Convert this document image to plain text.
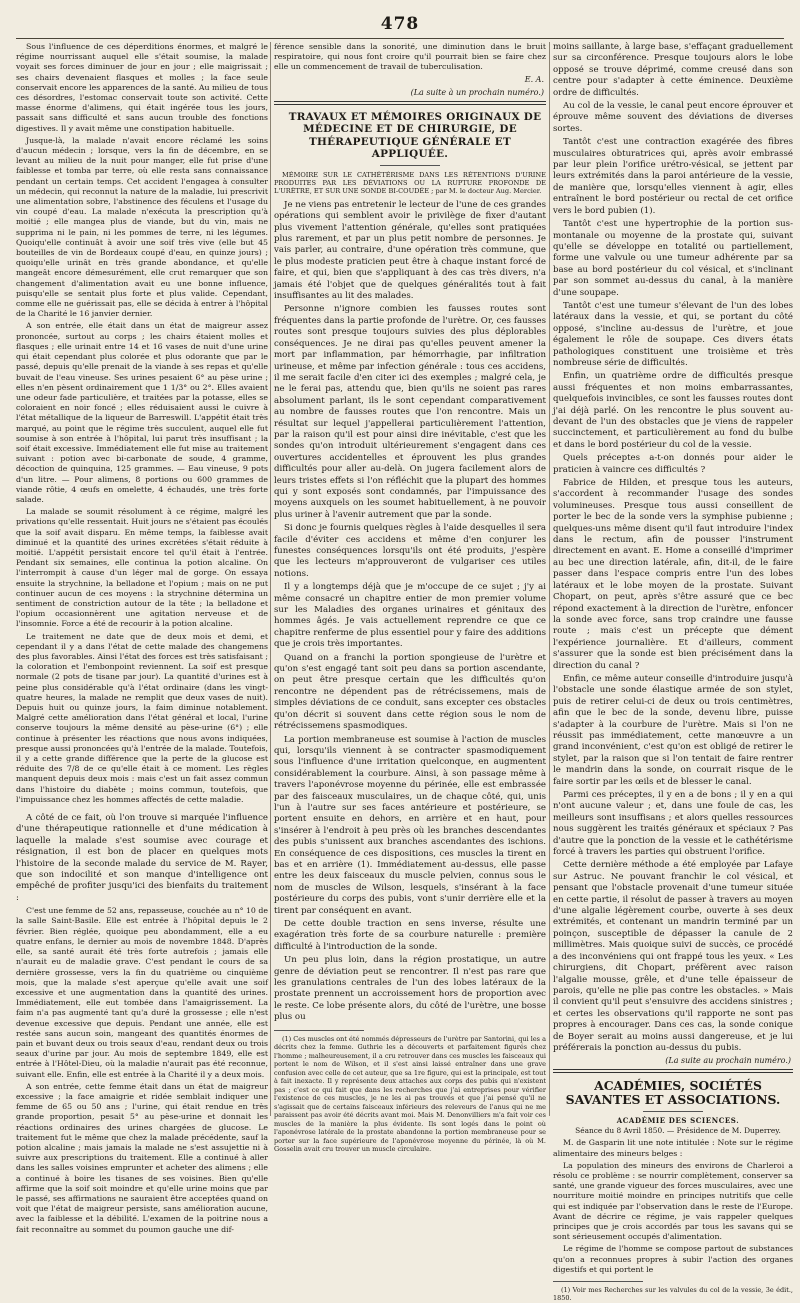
478

Sous l'influence de ces déperditions énormes, et malgré le régime nourrissant auquel elle s'était soumise, la malade voyait ses forces diminuer de jour en jour ; elle maigrissait ; ses chairs devenaient flasques et molles ; la face seule conservait encore les apparences de la santé. Au milieu de tous ces désordres, l'estomac conservait toute son activité. Cette masse énorme d'alimens, qui était ingérée tous les jours, passait sans difficulté et sans aucun trouble des fonctions digestives. Il y avait même une constipation habituelle.

Jusque-là, la malade n'avait encore réclamé les soins d'aucun médecin ; lorsque, vers la fin de décembre, en se levant au milieu de la nuit pour manger, elle fut prise d'une faiblesse et tomba par terre, où elle resta sans connaissance pendant un certain temps. Cet accident l'engagea à consulter un médecin, qui reconnut la nature de la maladie, lui prescrivit une alimentation sobre, l'abstinence des féculens et l'usage du vin coupé d'eau. La malade n'exécuta la prescription qu'à moitié ; elle mangea plus de viande, but du vin, mais ne supprima ni le pain, ni les pommes de terre, ni les légumes. Quoiqu'elle continuât à avoir une soif très vive (elle but 45 bouteilles de vin de Bordeaux coupé d'eau, en quinze jours) ; quoiqu'elle urinât en très grande abondance, et qu'elle mangeât encore démesurément, elle crut remarquer que son changement d'alimentation avait eu une bonne influence, puisqu'elle se sentait plus forte et plus valide. Cependant, comme elle ne guérissait pas, elle se décida à entrer à l'hôpital de la Charité le 16 janvier dernier.

A son entrée, elle était dans un état de maigreur assez prononcée, surtout au corps ; les chairs étaient molles et flasques ; elle urinait entre 14 et 16 vases de nuit d'une urine qui était cependant plus colorée et plus odorante que par le passé, depuis qu'elle prenait de la viande à ses repas et qu'elle buvait de l'eau vineuse. Ses urines pesaient 6° au pèse urine ; elles n'en pèsent ordinairement que 1 1/3° ou 2°. Elles avaient une odeur fade particulière, et traitées par la potasse, elles se coloraient en noir foncé ; elles réduisaient aussi le cuivre à l'état métallique de la liqueur de Barreswill. L'appétit était très marqué, au point que le régime très succulent, auquel elle fut soumise à son entrée à l'hôpital, lui parut très insuffisant ; la soif était excessive. Immédiatement elle fut mise au traitement suivant : potion avec bi-carbonate de soude, 4 gramme, décoction de quinquina, 125 grammes. — Eau vineuse, 9 pots d'un litre. — Pour alimens, 8 portions ou 600 grammes de viande rôtie, 4 œufs en omelette, 4 échaudés, une très forte salade.

La malade se soumit résolument à ce régime, malgré les privations qu'elle ressentait. Huit jours ne s'étaient pas écoulés que la soif avait disparu. En même temps, la faiblesse avait diminué et la quantité des urines excrétées s'était réduite à moitié. L'appétit persistait encore tel qu'il était à l'entrée. Pendant six semaines, elle continua la potion alcaline. On l'interrompit à cause d'un léger mal de gorge. On essaya ensuite la strychnine, la belladone et l'opium ; mais on ne put continuer aucun de ces moyens : la strychnine détermina un sentiment de constriction autour de la tête ; la belladone et l'opium occasionnèrent une agitation nerveuse et de l'insomnie. Force a été de recourir à la potion alcaline.

Le traitement ne date que de deux mois et demi, et cependant il y a dans l'état de cette malade des changemens des plus favorables. Ainsi l'état des forces est très satisfaisant ; la coloration et l'embonpoint reviennent. La soif est presque normale (2 pots de tisane par jour). La quantité d'urines est à peine plus considérable qu'à l'état ordinaire (dans les vingt-quatre heures, la malade ne remplit que deux vases de nuit). Depuis huit ou quinze jours, la faim diminue notablement. Malgré cette amélioration dans l'état général et local, l'urine conserve toujours la même densité au pèse-urine (6°) ; elle continue à présenter les réactions que nous avons indiquées, presque aussi prononcées qu'à l'entrée de la malade. Toutefois, il y a cette grande différence que la perte de la glucose est réduite des 7/8 de ce qu'elle était à ce moment. Les règles manquent depuis deux mois : mais c'est un fait assez commun dans l'histoire du diabète ; moins commun, toutefois, que l'impuissance chez les hommes affectés de cette maladie.

A côté de ce fait, où l'on trouve si marquée l'influence d'une thérapeutique rationnelle et d'une médication à laquelle la malade s'est soumise avec courage et résignation, il est bon de placer en quelques mots l'histoire de la seconde malade du service de M. Rayer, que son indocilité et son manque d'intelligence ont empêché de profiter jusqu'ici des bienfaits du traitement :

C'est une femme de 52 ans, repasseuse, couchée au n° 10 de la salle Saint-Basile. Elle est entrée à l'hôpital depuis le 2 février. Bien réglée, quoique peu abondamment, elle a eu quatre enfans, le dernier au mois de novembre 1848. D'après elle, sa santé aurait été très forte autrefois ; jamais elle n'aurait eu de maladie grave. C'est pendant le cours de sa dernière grossesse, vers la fin du quatrième ou cinquième mois, que la malade s'est aperçue qu'elle avait une soif excessive et une augmentation dans la quantité des urines. Immédiatement, elle eut tombée dans l'amaigrissement. La faim n'a pas augmenté tant qu'a duré la grossesse ; elle n'est devenue excessive que depuis. Pendant une année, elle est restée sans aucun soin, mangeant des quantités énormes de pain et buvant deux ou trois seaux d'eau, rendant deux ou trois seaux d'urine par jour. Au mois de septembre 1849, elle est entrée à l'Hôtel-Dieu, où la maladie n'aurait pas été reconnue, suivant elle. Enfin, elle est entrée à la Charité il y a deux mois.

A son entrée, cette femme était dans un état de maigreur excessive ; la face amaigrie et ridée semblait indiquer une femme de 65 ou 50 ans ; l'urine, qui était rendue en très grande proportion, pesait 5° au pèse-urine et donnait les réactions ordinaires des urines chargées de glucose. Le traitement fut le même que chez la malade précédente, sauf la potion alcaline ; mais jamais la malade ne s'est assujettie ni à suivre aux prescriptions du traitement. Elle a continué à aller dans les salles voisines emprunter et acheter des alimens ; elle a continué à boire les tisanes de ses voisines. Bien qu'elle affirme que la soif soit moindre et qu'elle urine moins que par le passé, ses affirmations ne sauraient être acceptées quand on voit que l'état de maigreur persiste, sans amélioration aucune, avec la faiblesse et la débilité. L'examen de la poitrine nous a fait reconnaître au sommet du poumon gauche une dif-

férence sensible dans la sonorité, une diminution dans le bruit respiratoire, qui nous font croire qu'il pourrait bien se faire chez elle un commencement de travail de tuberculisation.

E. A.

(La suite à un prochain numéro.)

TRAVAUX ET MÉMOIRES ORIGINAUX DE MÉDECINE ET DE CHIRURGIE, DE THÉRAPEUTIQUE GÉNÉRALE ET APPLIQUÉE.

MÉMOIRE SUR LE CATHÉTÉRISME DANS LES RÉTENTIONS D'URINE PRODUITES PAR LES DÉVIATIONS OU LA RUPTURE PROFONDE DE L'URÈTRE, ET SUR UNE SONDE BI-COUDÉE ; par M. le docteur Aug. Mercier.

Je ne viens pas entretenir le lecteur de l'une de ces grandes opérations qui semblent avoir le privilège de fixer d'autant plus vivement l'attention générale, qu'elles sont pratiquées plus rarement, et par un plus petit nombre de personnes. Je vais parler, au contraire, d'une opération très commune, que le plus modeste praticien peut être à chaque instant forcé de faire, et qui, bien que s'appliquant à des cas très divers, n'a jamais été l'objet que de quelques généralités tout à fait insuffisantes au lit des malades.

Personne n'ignore combien les fausses routes sont fréquentes dans la partie profonde de l'urètre. Or, ces fausses routes sont presque toujours suivies des plus déplorables conséquences. Je ne dirai pas qu'elles peuvent amener la mort par inflammation, par hémorrhagie, par infiltration urineuse, et même par infection générale : tous ces accidens, il me serait facile d'en citer ici des exemples ; malgré cela, je ne le ferai pas, attendu que, bien qu'ils ne soient pas rares absolument parlant, ils le sont cependant comparativement au nombre de fausses routes que l'on rencontre. Mais un résultat sur lequel j'appellerai particulièrement l'attention, par la raison qu'il est pour ainsi dire inévitable, c'est que les sondes qu'on introduit ultérieurement s'engagent dans ces ouvertures accidentelles et éprouvent les plus grandes difficultés pour aller au-delà. On jugera facilement alors de leurs tristes effets si l'on réfléchit que la plupart des hommes qui y sont exposés sont condamnés, par l'impuissance des moyens auxquels on les soumet habituellement, à ne pouvoir plus uriner à l'avenir autrement que par la sonde.

Si donc je fournis quelques règles à l'aide desquelles il sera facile d'éviter ces accidens et même d'en conjurer les funestes conséquences lorsqu'ils ont été produits, j'espère que les lecteurs m'approuveront de vulgariser ces utiles notions.

Il y a longtemps déjà que je m'occupe de ce sujet ; j'y ai même consacré un chapitre entier de mon premier volume sur les Maladies des organes urinaires et génitaux des hommes âgés. Je vais actuellement reprendre ce que ce chapitre renferme de plus essentiel pour y faire des additions que je crois très importantes.

Quand on a franchi la portion spongieuse de l'urètre et qu'on s'est engagé tant soit peu dans sa portion ascendante, on peut être presque certain que les difficultés qu'on rencontre ne dépendent pas de rétrécissemens, mais de simples déviations de ce conduit, sans excepter ces obstacles qu'on décrit si souvent dans cette région sous le nom de rétrécissemens spasmodiques.

La portion membraneuse est soumise à l'action de muscles qui, lorsqu'ils viennent à se contracter spasmodiquement sous l'influence d'une irritation quelconque, en augmentent considérablement la courbure. Ainsi, à son passage même à travers l'aponévrose moyenne du périnée, elle est embrassée par des faisceaux musculaires, un de chaque côté, qui, unis l'un à l'autre sur ses faces antérieure et postérieure, se portent ensuite en dehors, en arrière et en haut, pour s'insérer à l'endroit à peu près où les branches descendantes des pubis s'unissent aux branches ascendantes des ischions. En conséquence de ces dispositions, ces muscles la tirent en bas et en arrière (1). Immédiatement au-dessus, elle passe entre les deux faisceaux du muscle pelvien, connus sous le nom de muscles de Wilson, lesquels, s'insérant à la face postérieure du corps des pubis, vont s'unir derrière elle et la tirent par conséquent en avant.

De cette double traction en sens inverse, résulte une exagération très forte de sa courbure naturelle : première difficulté à l'introduction de la sonde.

Un peu plus loin, dans la région prostatique, un autre genre de déviation peut se rencontrer. Il n'est pas rare que les granulations centrales de l'un des lobes latéraux de la prostate prennent un accroissement hors de proportion avec le reste. Ce lobe présente alors, du côté de l'urètre, une bosse plus ou

(1) Ces muscles ont été nommés dépresseurs de l'urètre par Santorini, qui les a décrits chez la femme. Guthrie les a découverts et parfaitement figurés chez l'homme ; malheureusement, il a cru retrouver dans ces muscles les faisceaux qui portent le nom de Wilson, et il s'est ainsi laissé entraîner dans une grave confusion avec celle de cet auteur, que sa 1re figure, qui est la principale, est tout à fait inexacte. Il y représente deux attaches aux corps des pubis qui n'existent pas ; c'est ce qui fait que dans les recherches que j'ai entreprises pour vérifier l'existence de ces muscles, je ne les ai pas trouvés et que j'ai pensé qu'il ne s'agissait que de certains faisceaux inférieurs des releveurs de l'anus qui ne me paraissent pas avoir été décrits avant moi. Mais M. Denonvilliers m'a fait voir ces muscles de la manière la plus évidente. Ils sont logés dans le point où l'aponévrose latérale de la prostate abandonne la portion membraneuse pour se porter sur la face supérieure de l'aponévrose moyenne du périnée, là où M. Gosselin avait cru trouver un muscle circulaire.

moins saillante, à large base, s'effaçant graduellement sur sa circonférence. Presque toujours alors le lobe opposé se trouve déprimé, comme creusé dans son centre pour s'adapter à cette éminence. Deuxième ordre de difficultés.

Au col de la vessie, le canal peut encore éprouver et éprouve même souvent des déviations de diverses sortes.

Tantôt c'est une contraction exagérée des fibres musculaires obturatrices qui, après avoir embrassé par leur plein l'orifice urétro-vésical, se jettent par leurs extrémités dans la paroi antérieure de la vessie, de manière que, lorsqu'elles viennent à agir, elles entraînent le bord postérieur ou rectal de cet orifice vers le bord pubien (1).

Tantôt c'est une hypertrophie de la portion sus-montanale ou moyenne de la prostate qui, suivant qu'elle se développe en totalité ou partiellement, forme une valvule ou une tumeur adhérente par sa base au bord postérieur du col vésical, et s'inclinant par son sommet au-dessus du canal, à la manière d'une soupape.

Tantôt c'est une tumeur s'élevant de l'un des lobes latéraux dans la vessie, et qui, se portant du côté opposé, s'incline au-dessus de l'urètre, et joue également le rôle de soupape. Ces divers états pathologiques constituent une troisième et très nombreuse série de difficultés.

Enfin, un quatrième ordre de difficultés presque aussi fréquentes et non moins embarrassantes, quelquefois invincibles, ce sont les fausses routes dont j'ai déjà parlé. On les rencontre le plus souvent au-devant de l'un des obstacles que je viens de rappeler succinctement, et particulièrement au fond du bulbe et dans le bord postérieur du col de la vessie.

Quels préceptes a-t-on donnés pour aider le praticien à vaincre ces difficultés ?

Fabrice de Hilden, et presque tous les auteurs, s'accordent à recommander l'usage des sondes volumineuses. Presque tous aussi conseillent de porter le bec de la sonde vers la symphise pubienne ; quelques-uns même disent qu'il faut introduire l'index dans le rectum, afin de pousser l'instrument directement en avant. E. Home a conseillé d'imprimer au bec une direction latérale, afin, dit-il, de le faire passer dans l'espace compris entre l'un des lobes latéraux et le lobe moyen de la prostate. Suivant Chopart, on peut, après s'être assuré que ce bec répond exactement à la direction de l'urètre, enfoncer la sonde avec force, sans trop craindre une fausse route ; mais c'est un précepte que dément l'expérience journalière. Et d'ailleurs, comment s'assurer que la sonde est bien précisément dans la direction du canal ?

Enfin, ce même auteur conseille d'introduire jusqu'à l'obstacle une sonde élastique armée de son stylet, puis de retirer celui-ci de deux ou trois centimètres, afin que le bec de la sonde, devenu libre, puisse s'adapter à la courbure de l'urètre. Mais si l'on ne réussit pas immédiatement, cette manœuvre a un grand inconvénient, c'est qu'on est obligé de retirer le stylet, par la raison que si l'on tentait de faire rentrer le mandrin dans la sonde, on courrait risque de le faire sortir par les œils et de blesser le canal.

Parmi ces préceptes, il y en a de bons ; il y en a qui n'ont aucune valeur ; et, dans une foule de cas, les meilleurs sont insuffisans ; et alors quelles ressources nous suggèrent les traités généraux et spéciaux ? Pas d'autre que la ponction de la vessie et le cathétérisme forcé à travers les parties qui obstruent l'orifice.

Cette dernière méthode a été employée par Lafaye sur Astruc. Ne pouvant franchir le col vésical, et pensant que l'obstacle provenait d'une tumeur située en cette partie, il résolut de passer à travers au moyen d'une algalie légèrement courbe, ouverte à ses deux extrémités, et contenant un mandrin terminé par un poinçon, susceptible de dépasser la canule de 2 millimètres. Mais quoique suivi de succès, ce procédé a des inconvéniens qui ont frappé tous les yeux. « Les chirurgiens, dit Chopart, préfèrent avec raison l'algalie mousse, grêle, et d'une telle épaisseur de parois, qu'elle ne plie pas contre les obstacles. » Mais il convient qu'il peut s'ensuivre des accidens sinistres ; et certes les observations qu'il rapporte ne sont pas propres à encourager. Dans ces cas, la sonde conique de Boyer serait au moins aussi dangereuse, et je lui préférerais la ponction au-dessus du pubis.

(La suite au prochain numéro.)

ACADÉMIES, SOCIÉTÉS SAVANTES ET ASSOCIATIONS.

ACADÉMIE DES SCIENCES.

Séance du 8 Avril 1850. — Présidence de M. Duperrey.

M. de Gasparin lit une note intitulée : Note sur le régime alimentaire des mineurs belges :

La population des mineurs des environs de Charleroi a résolu ce problème : se nourrir complètement, conserver sa santé, une grande vigueur des forces musculaires, avec une nourriture moitié moindre en principes nutritifs que celle qui est indiquée par l'observation dans le reste de l'Europe. Avant de décrire ce régime, je vais rappeler quelques principes que je crois accordés par tous les savans qui se sont sérieusement occupés d'alimentation.

Le régime de l'homme se compose partout de substances qu'on a reconnues propres à subir l'action des organes digestifs et qui portent le

(1) Voir mes Recherches sur les valvules du col de la vessie, 3e édit., 1850.
